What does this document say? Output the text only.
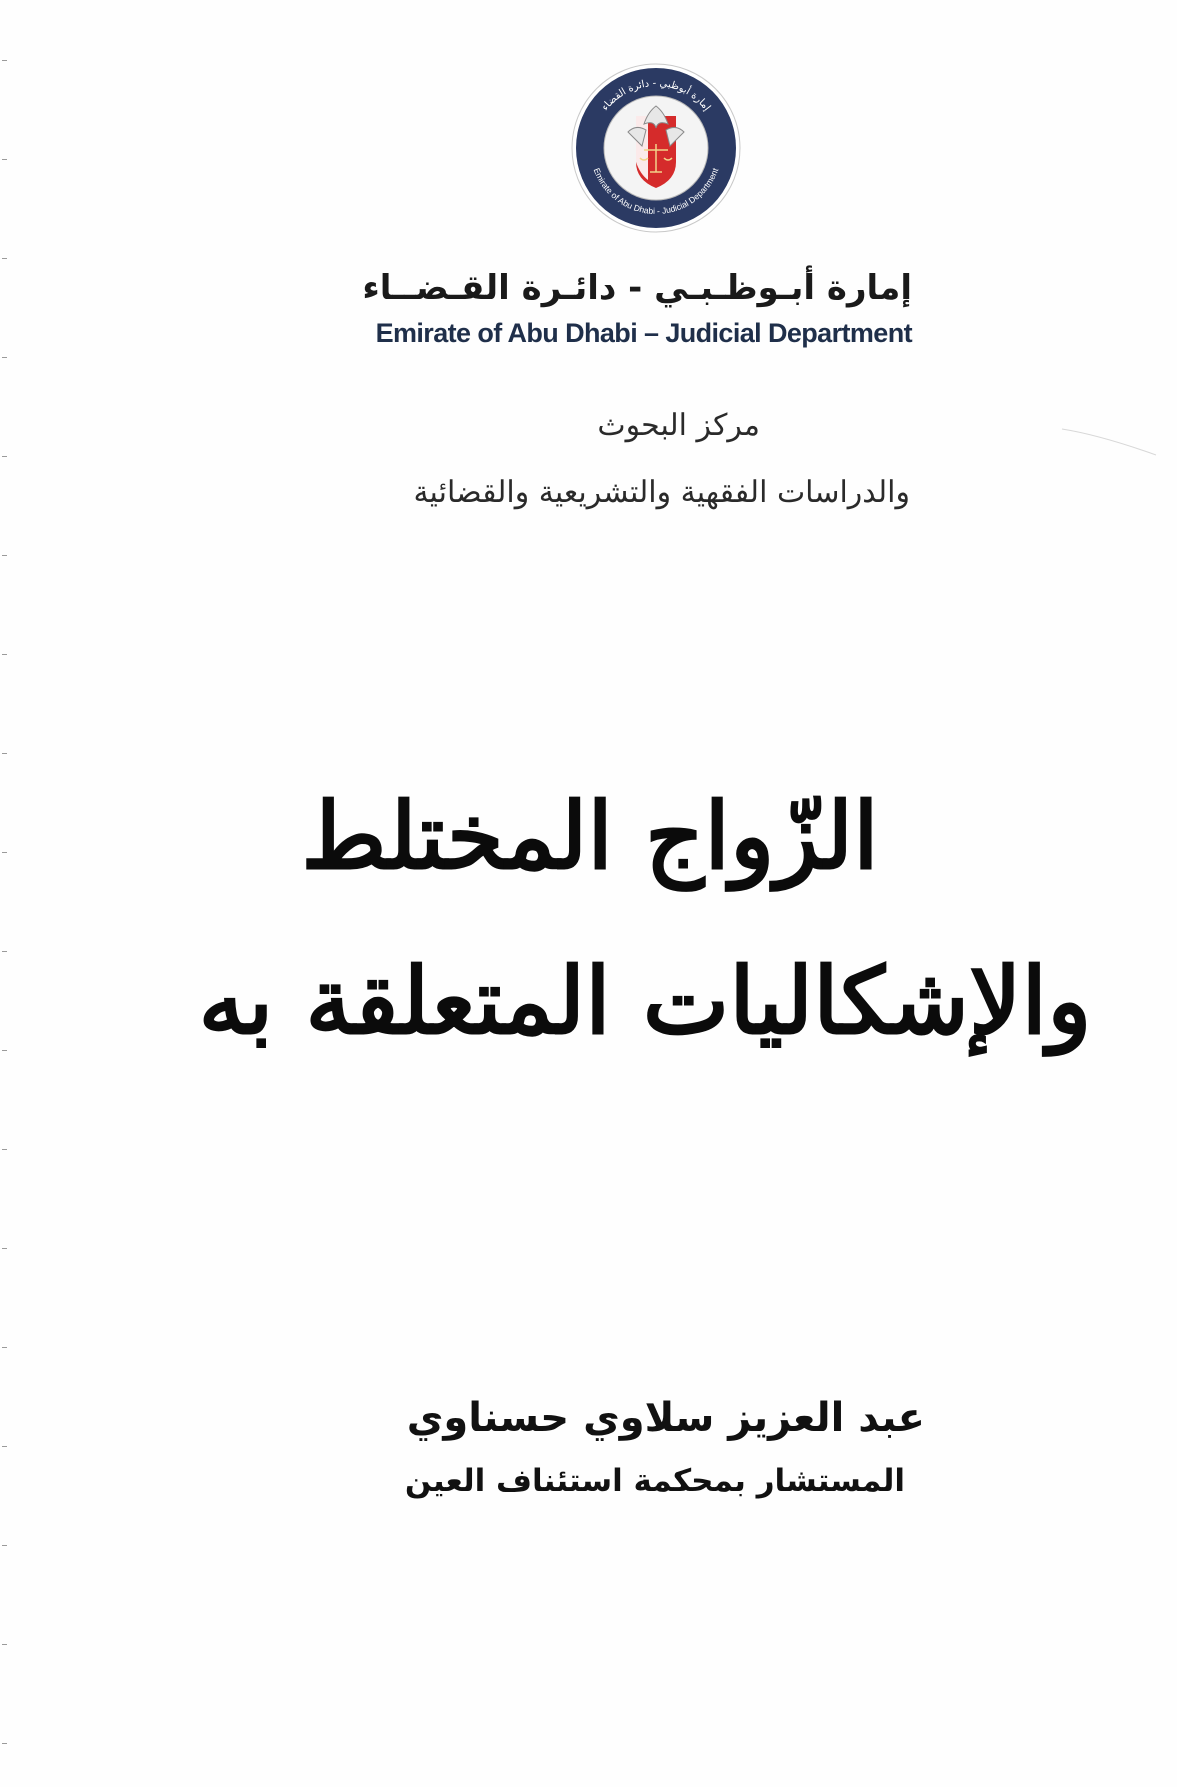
إمارة أبوظبي - دائرة القضاء
Emirate of Abu Dhabi - Judicial Department
إمارة أبـوظـبـي - دائـرة القـضــاء
Emirate of Abu Dhabi – Judicial Department
مركز البحوث
والدراسات الفقهية والتشريعية والقضائية
الزّواج المختلط
والإشكاليات المتعلقة به
عبد العزيز سلاوي حسناوي
المستشار بمحكمة استئناف العين
